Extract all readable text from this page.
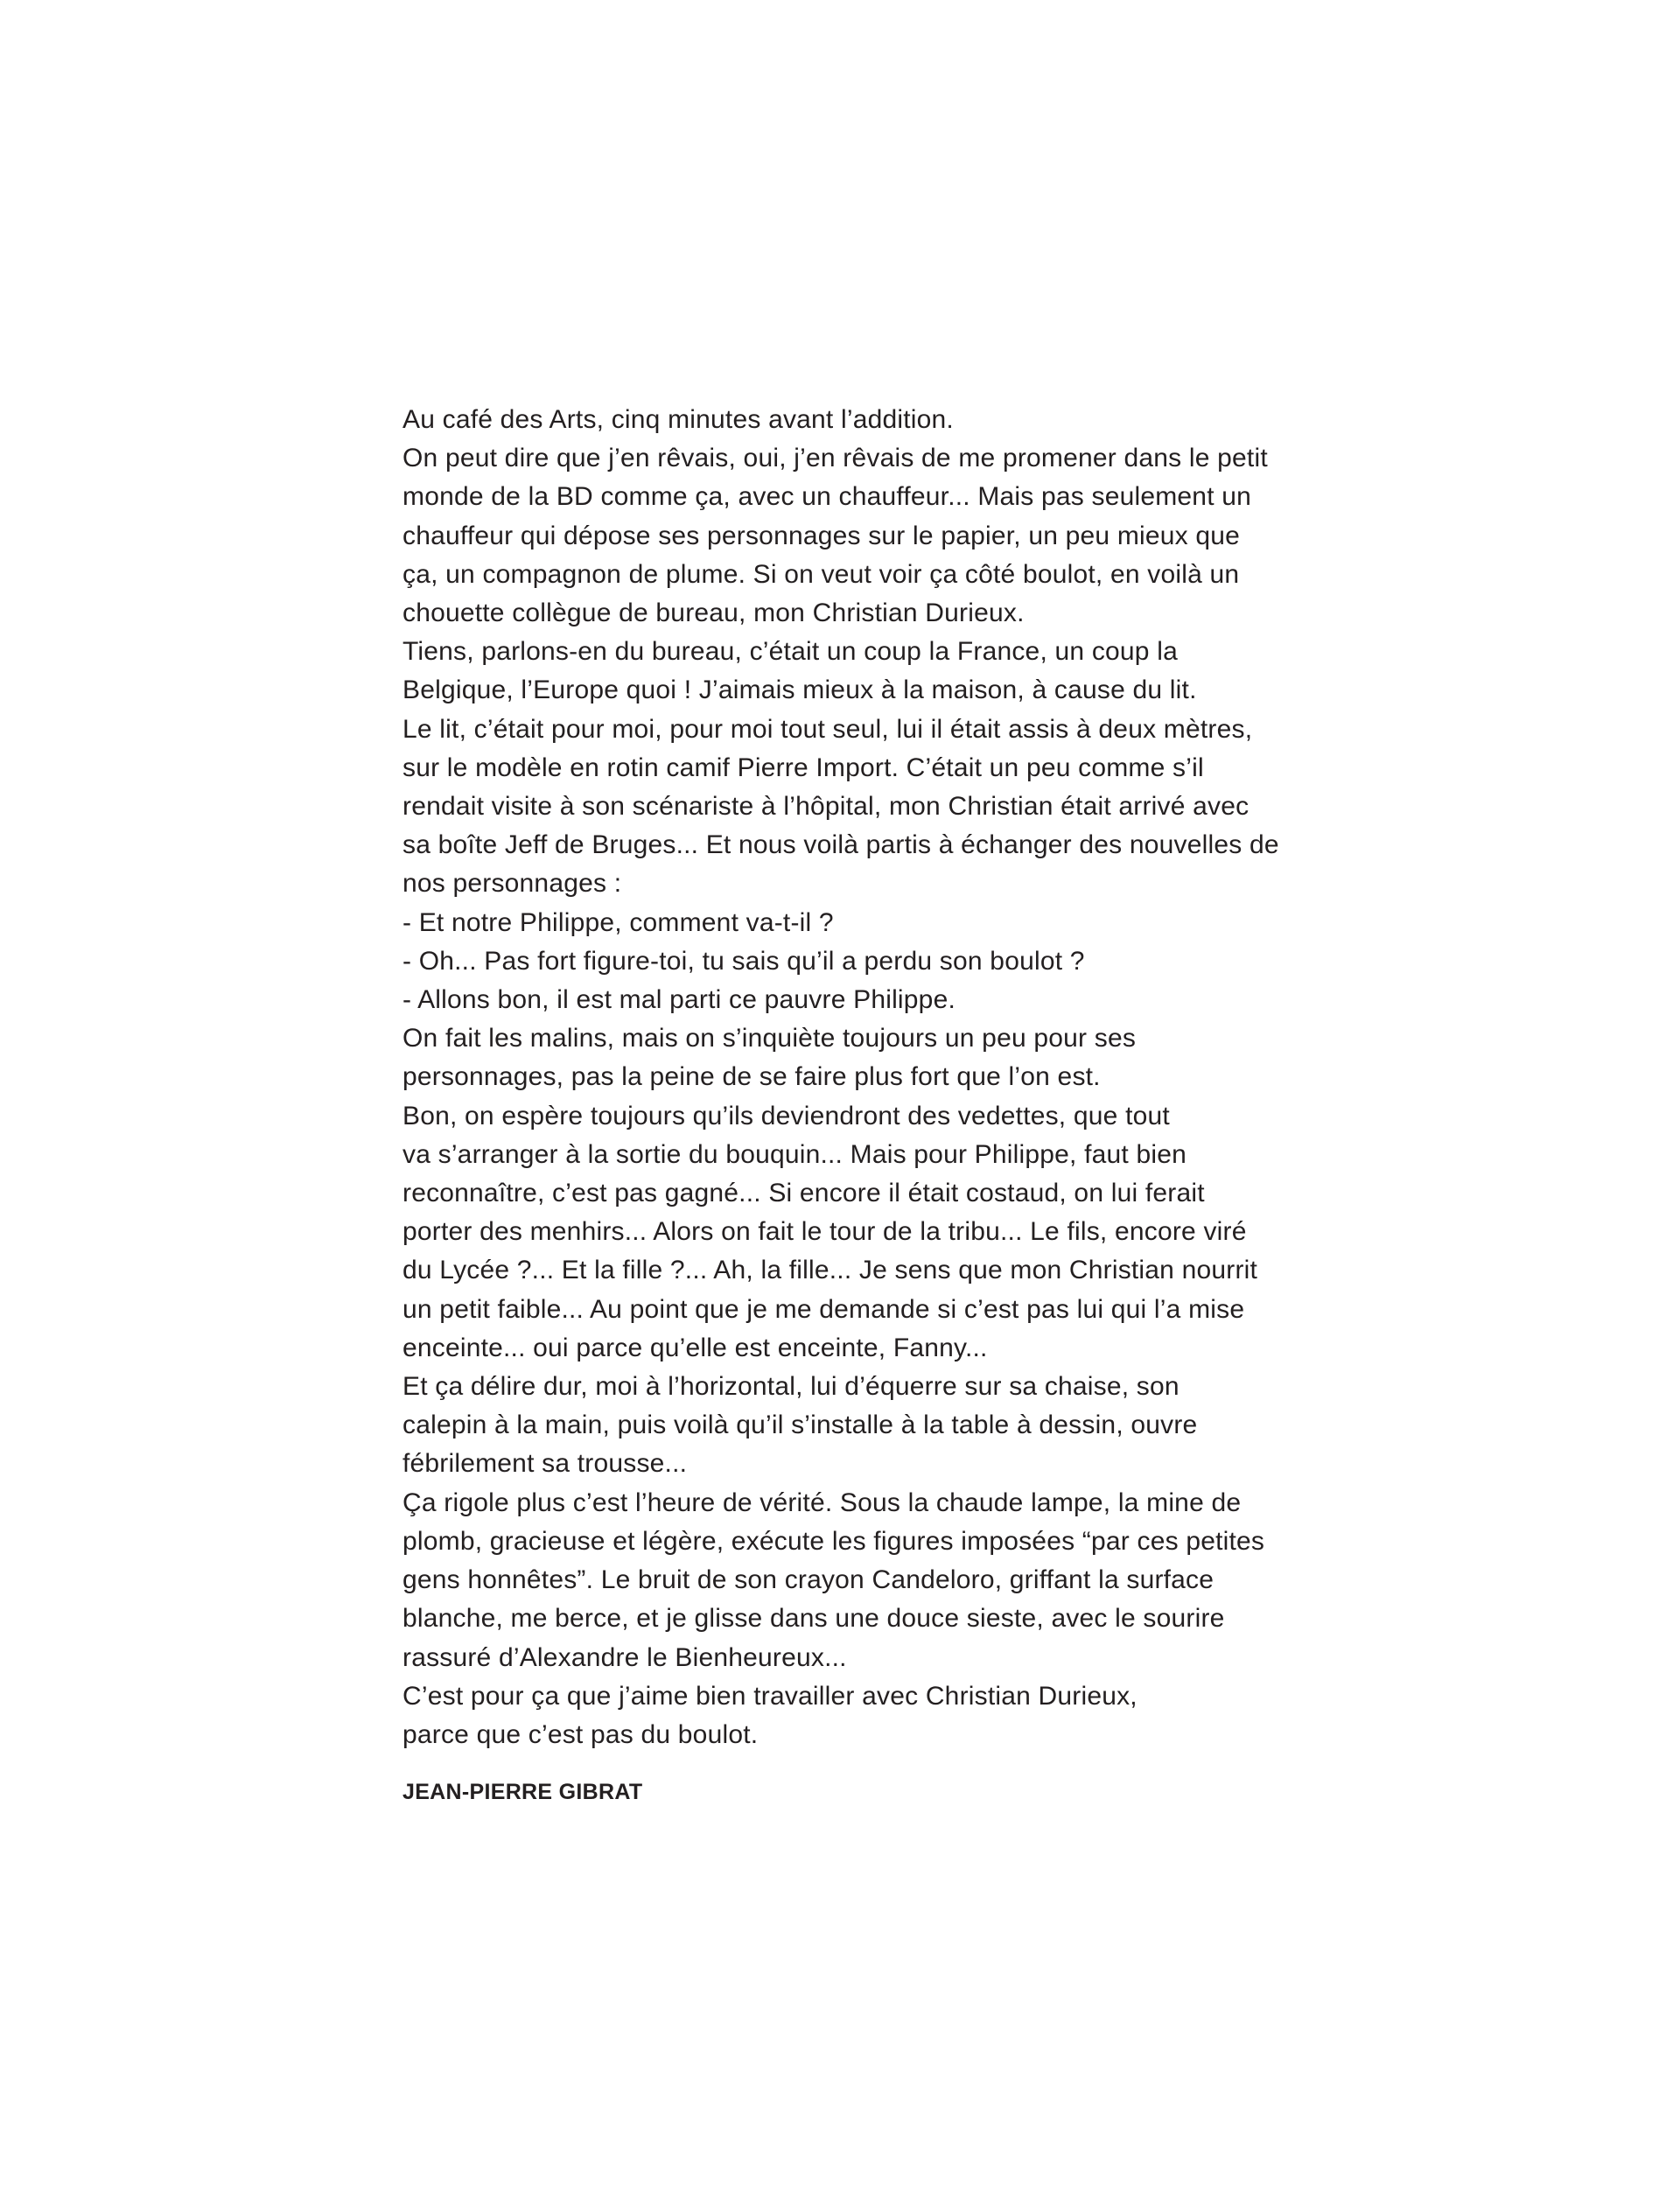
Au café des Arts, cinq minutes avant l’addition.
On peut dire que j’en rêvais, oui, j’en rêvais de me promener dans le petit
monde de la BD comme ça, avec un chauffeur... Mais pas seulement un
chauffeur qui dépose ses personnages sur le papier, un peu mieux que
ça, un compagnon de plume. Si on veut voir ça côté boulot, en voilà un
chouette collègue de bureau, mon Christian Durieux.
Tiens, parlons-en du bureau, c’était un coup la France, un coup la
Belgique, l’Europe quoi ! J’aimais mieux à la maison, à cause du lit.
Le lit, c’était pour moi, pour moi tout seul, lui il était assis à deux mètres,
sur le modèle en rotin camif Pierre Import. C’était un peu comme s’il
rendait visite à son scénariste à l’hôpital, mon Christian était arrivé avec
sa boîte Jeff de Bruges... Et nous voilà partis à échanger des nouvelles de
nos personnages :
- Et notre Philippe, comment va-t-il ?
- Oh... Pas fort figure-toi, tu sais qu’il a perdu son boulot ?
- Allons bon, il est mal parti ce pauvre Philippe.
On fait les malins, mais on s’inquiète toujours un peu pour ses
personnages, pas la peine de se faire plus fort que l’on est.
Bon, on espère toujours qu’ils deviendront des vedettes, que tout
va s’arranger à la sortie du bouquin... Mais pour Philippe, faut bien
reconnaître, c’est pas gagné... Si encore il était costaud, on lui ferait
porter des menhirs... Alors on fait le tour de la tribu... Le fils, encore viré
du Lycée ?... Et la fille ?... Ah, la fille... Je sens que mon Christian nourrit
un petit faible... Au point que je me demande si c’est pas lui qui l’a mise
enceinte... oui parce qu’elle est enceinte, Fanny...
Et ça délire dur, moi à l’horizontal, lui d’équerre sur sa chaise, son
calepin à la main, puis voilà qu’il s’installe à la table à dessin, ouvre
fébrilement sa trousse...
Ça rigole plus c’est l’heure de vérité. Sous la chaude lampe, la mine de
plomb, gracieuse et légère, exécute les figures imposées “par ces petites
gens honnêtes”. Le bruit de son crayon Candeloro, griffant la surface
blanche, me berce, et je glisse dans une douce sieste, avec le sourire
rassuré d’Alexandre le Bienheureux...
C’est pour ça que j’aime bien travailler avec Christian Durieux,
parce que c’est pas du boulot.
JEAN-PIERRE GIBRAT
